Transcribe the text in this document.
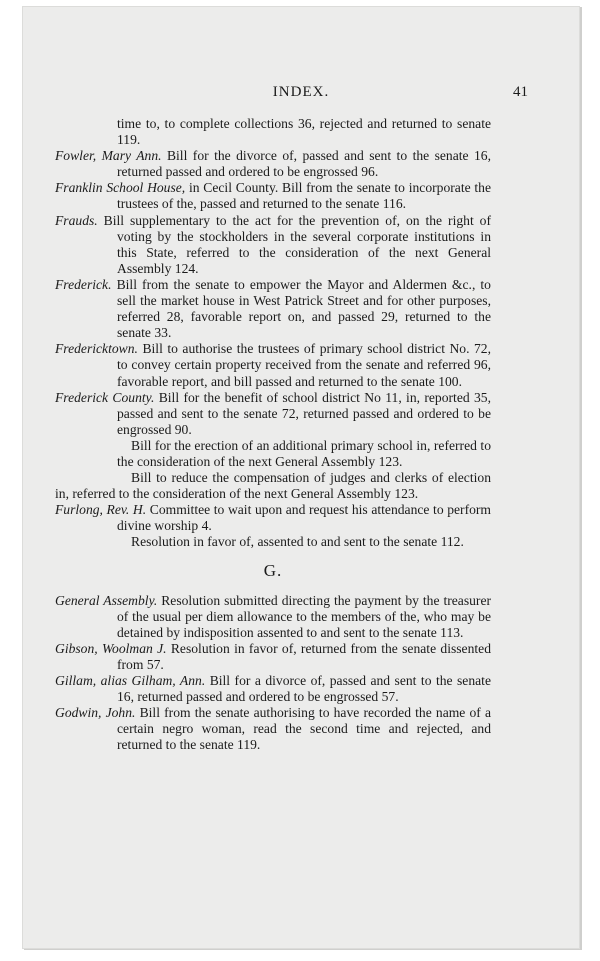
INDEX.	41

time to, to complete collections 36, rejected and returned to senate 119.

Fowler, Mary Ann. Bill for the divorce of, passed and sent to the senate 16, returned passed and ordered to be engrossed 96.

Franklin School House, in Cecil County. Bill from the senate to incorporate the trustees of the, passed and returned to the senate 116.

Frauds. Bill supplementary to the act for the prevention of, on the right of voting by the stockholders in the several corporate institutions in this State, referred to the consideration of the next General Assembly 124.

Frederick. Bill from the senate to empower the Mayor and Aldermen &c., to sell the market house in West Patrick Street and for other purposes, referred 28, favorable report on, and passed 29, returned to the senate 33.

Fredericktown. Bill to authorise the trustees of primary school district No. 72, to convey certain property received from the senate and referred 96, favorable report, and bill passed and returned to the senate 100.

Frederick County. Bill for the benefit of school district No 11, in, reported 35, passed and sent to the senate 72, returned passed and ordered to be engrossed 90.

Bill for the erection of an additional primary school in, referred to the consideration of the next General Assembly 123.

Bill to reduce the compensation of judges and clerks of election in, referred to the consideration of the next General Assembly 123.

Furlong, Rev. H. Committee to wait upon and request his attendance to perform divine worship 4.

Resolution in favor of, assented to and sent to the senate 112.

G.

General Assembly. Resolution submitted directing the payment by the treasurer of the usual per diem allowance to the members of the, who may be detained by indisposition assented to and sent to the senate 113.

Gibson, Woolman J. Resolution in favor of, returned from the senate dissented from 57.

Gillam, alias Gilham, Ann. Bill for a divorce of, passed and sent to the senate 16, returned passed and ordered to be engrossed 57.

Godwin, John. Bill from the senate authorising to have recorded the name of a certain negro woman, read the second time and rejected, and returned to the senate 119.
